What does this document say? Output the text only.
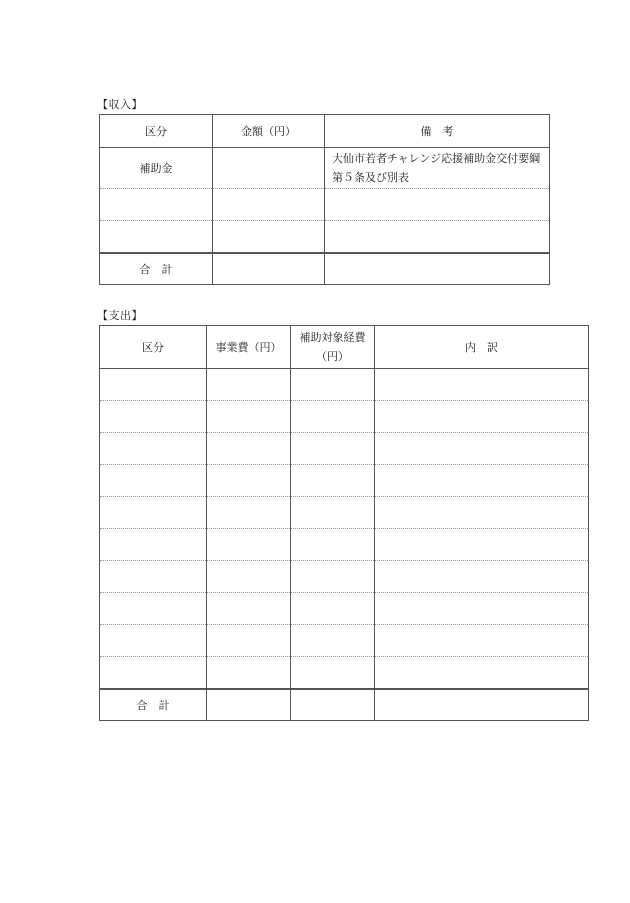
【収入】
区分	金額（円）	備　考
補助金		大仙市若者チャレンジ応援補助金交付要綱第５条及び別表

合　計		
【支出】
区分	事業費（円）	補助対象経費（円）	内　訳

合　計			
